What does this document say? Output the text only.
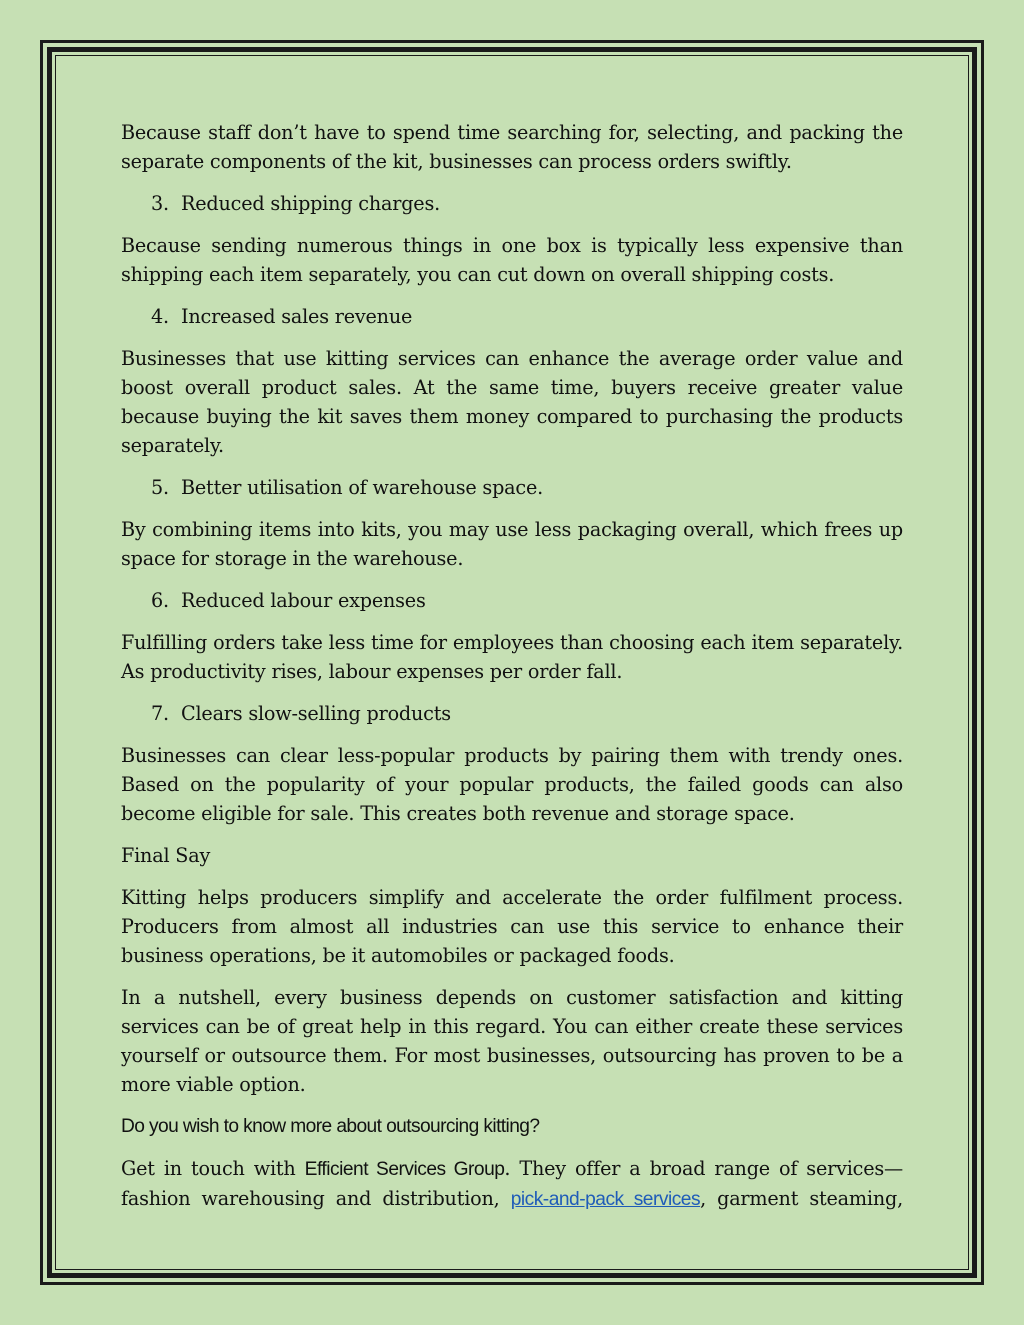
Because staff don’t have to spend time searching for, selecting, and packing the separate components of the kit, businesses can process orders swiftly.

3. Reduced shipping charges.

Because sending numerous things in one box is typically less expensive than shipping each item separately, you can cut down on overall shipping costs.

4. Increased sales revenue

Businesses that use kitting services can enhance the average order value and boost overall product sales. At the same time, buyers receive greater value because buying the kit saves them money compared to purchasing the products separately.

5. Better utilisation of warehouse space.

By combining items into kits, you may use less packaging overall, which frees up space for storage in the warehouse.

6. Reduced labour expenses

Fulfilling orders take less time for employees than choosing each item separately. As productivity rises, labour expenses per order fall.

7. Clears slow-selling products

Businesses can clear less-popular products by pairing them with trendy ones. Based on the popularity of your popular products, the failed goods can also become eligible for sale. This creates both revenue and storage space.

Final Say

Kitting helps producers simplify and accelerate the order fulfilment process. Producers from almost all industries can use this service to enhance their business operations, be it automobiles or packaged foods.

In a nutshell, every business depends on customer satisfaction and kitting services can be of great help in this regard. You can either create these services yourself or outsource them. For most businesses, outsourcing has proven to be a more viable option.

Do you wish to know more about outsourcing kitting?

Get in touch with Efficient Services Group. They offer a broad range of services—fashion warehousing and distribution, pick-and-pack services, garment steaming,
